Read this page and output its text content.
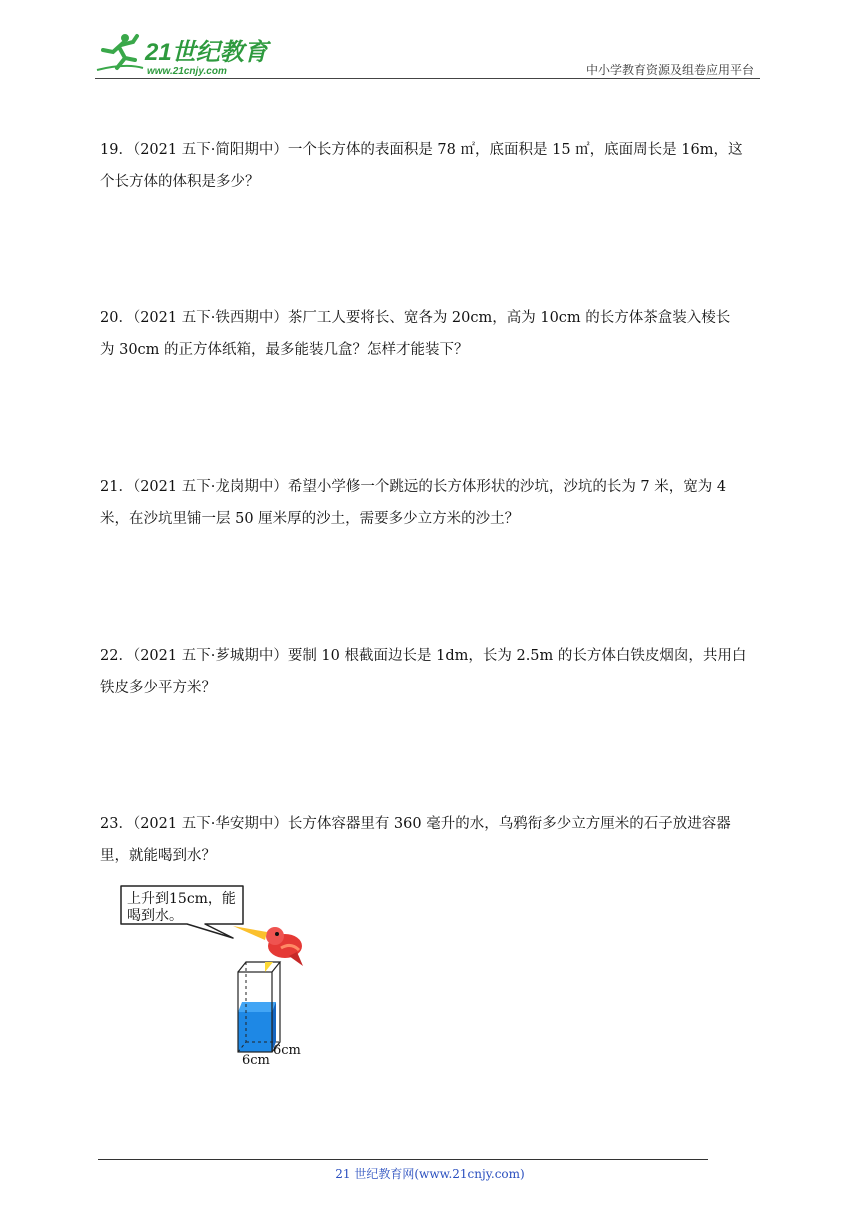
21世纪教育
www.21cnjy.com	中小学教育资源及组卷应用平台

19．（2021 五下·简阳期中）一个长方体的表面积是 78 ㎡，底面积是 15 ㎡，底面周长是 16m，这

个长方体的体积是多少？

20．（2021 五下·铁西期中）茶厂工人要将长、宽各为 20cm，高为 10cm 的长方体茶盒装入棱长

为 30cm 的正方体纸箱，最多能装几盒？怎样才能装下？

21．（2021 五下·龙岗期中）希望小学修一个跳远的长方体形状的沙坑，沙坑的长为 7 米，宽为 4

米，在沙坑里铺一层 50 厘米厚的沙土，需要多少立方米的沙土？

22．（2021 五下·芗城期中）要制 10 根截面边长是 1dm，长为 2.5m 的长方体白铁皮烟囱，共用白

铁皮多少平方米？

23．（2021 五下·华安期中）长方体容器里有 360 毫升的水，乌鸦衔多少立方厘米的石子放进容器

里，就能喝到水？

上升到15cm，能
喝到水。
6cm
6cm
21 世纪教育网(www.21cnjy.com)
